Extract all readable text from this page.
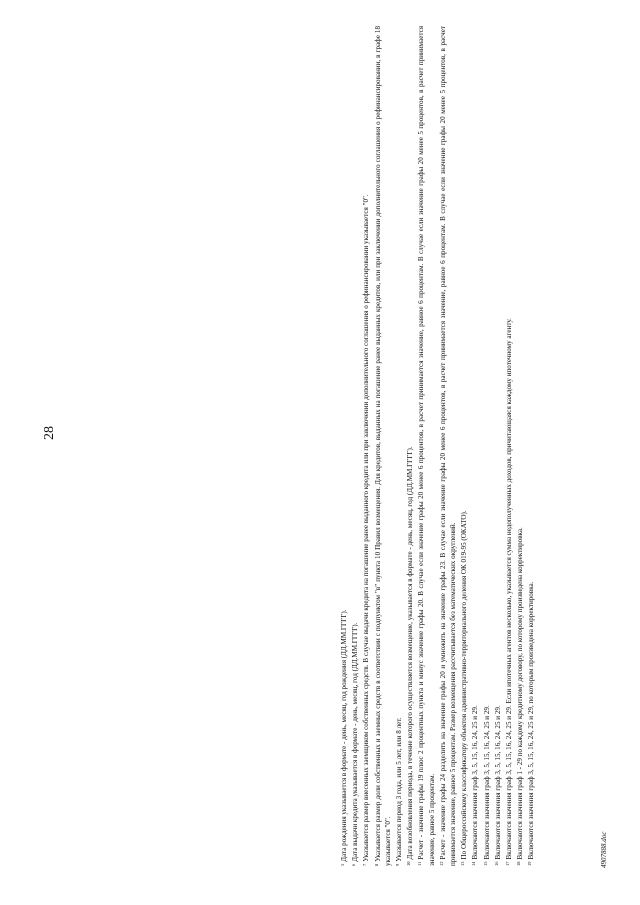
28

$^5$Дата рождения указывается в формате - день, месяц, год рождения (ДД.ММ.ГГГГ).

$^6$Дата выдачи кредита указывается в формате - день, месяц, год (ДД.ММ.ГГГГ).

$^7$Указывается размер внесенных заемщиком собственных средств. В случае выдачи кредита на погашение ранее выданного кредита или при заключении дополнительного соглашения о рефинансировании указывается "0".

$^8$Указывается размер доли собственных и заемных средств в соответствии с подпунктом "в" пункта 10 Правил возмещения. Для кредитов, выданных на погашение ранее выданных кредитов, или при заключении дополнительного соглашения о рефинансировании, в графе 18 указывается "0". $^9$Указывается период 3 года, или 5 лет, или 8 лет.

$^{10}$Дата возобновления периода, в течение которого осуществляется возмещение, указывается в формате - день, месяц, год (ДД.ММ.ГГГГ).

$^{11}$Расчет - значение графы 19 плюс 2 процентных пункта и минус значение графы 20. В случае если значение графы 20 менее 6 процентов, в расчет принимается значение, равное 6 процентам. В случае если значение графы 20 менее 5 процентов, в расчет принимается значение, равное 5 процентам. $^{12}$Расчет - значение графы 24 разделить на значение графы 20 и умножить на значение графы 23. В случае если значение графы 20 менее 6 процентов, в расчет принимается значение, равное 6 процентам. В случае если значение графы 20 менее 5 процентов, в расчет принимается значение, равное 5 процентам. Размер возмещения рассчитывается без математических округлений. $^{13}$По Общероссийскому классификатору объектов административно-территориального деления ОК 019-95 (ОКАТО).

$^{14}$Включаются значения граф 3, 5, 15, 16, 24, 25 и 29.

$^{15}$Включаются значения граф 3, 5, 15, 16, 24, 25 и 29.

$^{16}$Включаются значения граф 3, 5, 15, 16, 24, 25 и 29.

$^{17}$Включаются значения граф 3, 5, 15, 16, 24, 25 и 29. Если ипотечных агентов несколько, указывается сумма недополученных доходов, причитающаяся каждому ипотечному агенту.

$^{18}$Включаются значения граф 1 - 29 по каждому кредитному договору, по которому произведена корректировка.

$^{19}$Включаются значения граф 3, 5, 15, 16, 24, 25 и 29, по которым произведена корректировка.	4907888.doc
